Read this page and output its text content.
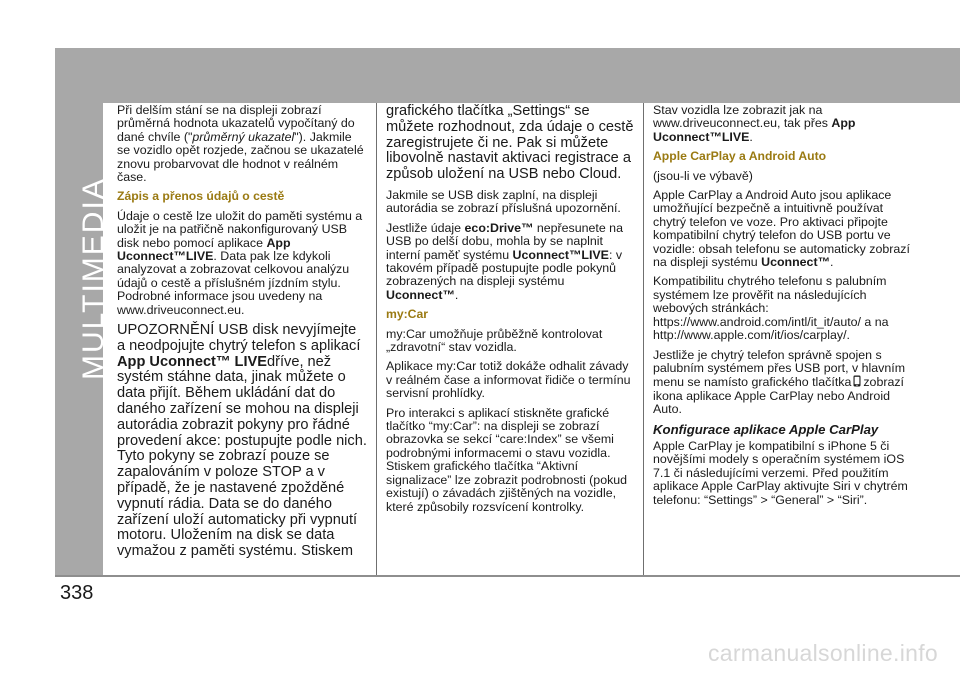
MULTIMEDIA

Při delším stání se na displeji zobrazí průměrná hodnota ukazatelů vypočítaný do dané chvíle ("průměrný ukazatel"). Jakmile se vozidlo opět rozjede, začnou se ukazatelé znovu probarvovat dle hodnot v reálném čase.

Zápis a přenos údajů o cestě

Údaje o cestě lze uložit do paměti systému a uložit je na patřičně nakonfigurovaný USB disk nebo pomocí aplikace App Uconnect™LIVE. Data pak lze kdykoli analyzovat a zobrazovat celkovou analýzu údajů o cestě a příslušném jízdním stylu. Podrobné informace jsou uvedeny na www.driveuconnect.eu.

UPOZORNĚNÍ USB disk nevyjímejte a neodpojujte chytrý telefon s aplikací App Uconnect™ LIVEdříve, než systém stáhne data, jinak můžete o data přijít. Během ukládání dat do daného zařízení se mohou na displeji autorádia zobrazit pokyny pro řádné provedení akce: postupujte podle nich. Tyto pokyny se zobrazí pouze se zapalováním v poloze STOP a v případě, že je nastavené zpožděné vypnutí rádia. Data se do daného zařízení uloží automaticky při vypnutí motoru. Uložením na disk se data vymažou z paměti systému. Stiskem

grafického tlačítka „Settings“ se můžete rozhodnout, zda údaje o cestě zaregistrujete či ne. Pak si můžete libovolně nastavit aktivaci registrace a způsob uložení na USB nebo Cloud.

Jakmile se USB disk zaplní, na displeji autorádia se zobrazí příslušná upozornění.

Jestliže údaje eco:Drive™ nepřesunete na USB po delší dobu, mohla by se naplnit interní paměť systému Uconnect™LIVE: v takovém případě postupujte podle pokynů zobrazených na displeji systému Uconnect™.

my:Car

my:Car umožňuje průběžně kontrolovat „zdravotní“ stav vozidla.

Aplikace my:Car totiž dokáže odhalit závady v reálném čase a informovat řidiče o termínu servisní prohlídky.

Pro interakci s aplikací stiskněte grafické tlačítko “my:Car”: na displeji se zobrazí obrazovka se sekcí “care:Index” se všemi podrobnými informacemi o stavu vozidla. Stiskem grafického tlačítka “Aktivní signalizace” lze zobrazit podrobnosti (pokud existují) o závadách zjištěných na vozidle, které způsobily rozsvícení kontrolky.

Stav vozidla lze zobrazit jak na www.driveuconnect.eu, tak přes App Uconnect™LIVE.

Apple CarPlay a Android Auto

(jsou-li ve výbavě)

Apple CarPlay a Android Auto jsou aplikace umožňující bezpečně a intuitivně používat chytrý telefon ve voze. Pro aktivaci připojte kompatibilní chytrý telefon do USB portu ve vozidle: obsah telefonu se automaticky zobrazí na displeji systému Uconnect™.

Kompatibilitu chytrého telefonu s palubním systémem lze prověřit na následujících webových stránkách: https://www.android.com/intl/it_it/auto/ a na http://www.apple.com/it/ios/carplay/.

Jestliže je chytrý telefon správně spojen s palubním systémem přes USB port, v hlavním menu se namísto grafického tlačítka zobrazí ikona aplikace Apple CarPlay nebo Android Auto.

Konfigurace aplikace Apple CarPlay

Apple CarPlay je kompatibilní s iPhone 5 či novějšími modely s operačním systémem iOS 7.1 či následujícími verzemi. Před použitím aplikace Apple CarPlay aktivujte Siri v chytrém telefonu: “Settings” > “General” > “Siri”.

338
carmanualsonline.info
